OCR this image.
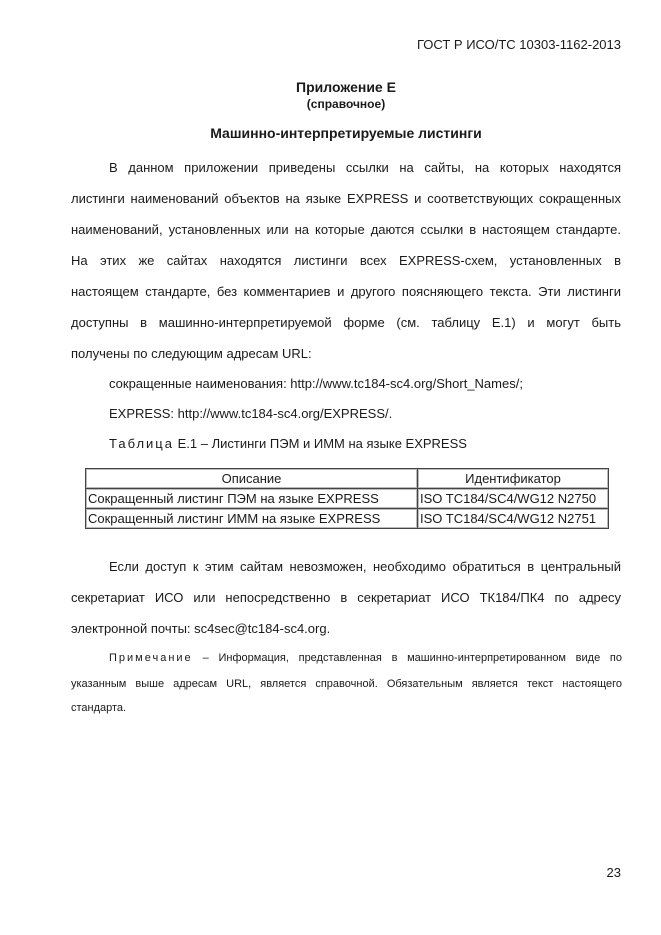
ГОСТ Р ИСО/ТС 10303-1162-2013
Приложение Е
(справочное)
Машинно-интерпретируемые листинги
В данном приложении приведены ссылки на сайты, на которых находятся
листинги наименований объектов на языке EXPRESS и соответствующих сокращенных
наименований, установленных или на которые даются ссылки в настоящем стандарте.
На этих же сайтах находятся листинги всех EXPRESS-схем, установленных в
настоящем стандарте, без комментариев и другого поясняющего текста. Эти листинги
доступны в машинно-интерпретируемой форме (см. таблицу Е.1) и могут быть
получены по следующим адресам URL:
сокращенные наименования: http://www.tc184-sc4.org/Short_Names/;
EXPRESS: http://www.tc184-sc4.org/EXPRESS/.
Таблица Е.1 – Листинги ПЭМ и ИММ на языке EXPRESS
Описание	Идентификатор
Сокращенный листинг ПЭМ на языке EXPRESS	ISO TC184/SC4/WG12 N2750
Сокращенный листинг ИММ на языке EXPRESS	ISO TC184/SC4/WG12 N2751
Если доступ к этим сайтам невозможен, необходимо обратиться в центральный
секретариат ИСО или непосредственно в секретариат ИСО ТК184/ПК4 по адресу
электронной почты: sc4sec@tc184-sc4.org.
Примечание – Информация, представленная в машинно-интерпретированном виде по
указанным выше адресам URL, является справочной. Обязательным является текст настоящего
стандарта.
23
